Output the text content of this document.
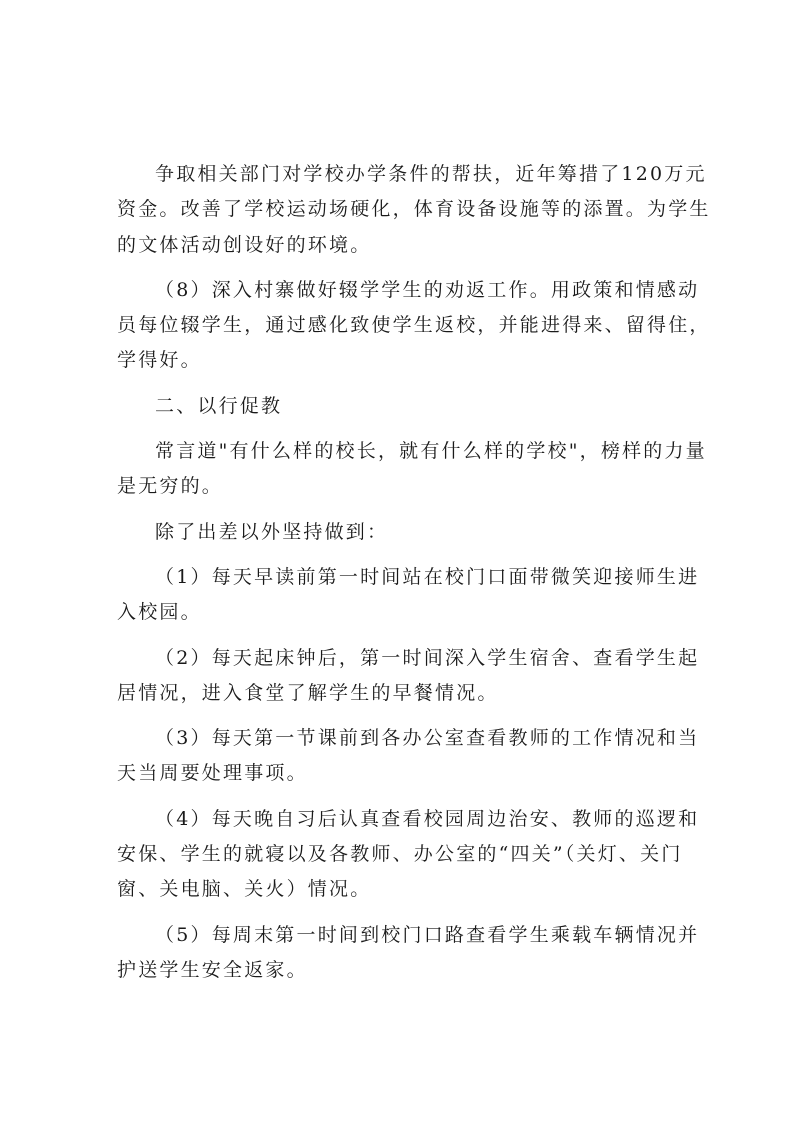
争取相关部门对学校办学条件的帮扶，近年筹措了120万元资金。改善了学校运动场硬化，体育设备设施等的添置。为学生的文体活动创设好的环境。

（8）深入村寨做好辍学学生的劝返工作。用政策和情感动员每位辍学生，通过感化致使学生返校，并能进得来、留得住，学得好。

二、以行促教

常言道"有什么样的校长，就有什么样的学校"，榜样的力量是无穷的。

除了出差以外坚持做到：

（1）每天早读前第一时间站在校门口面带微笑迎接师生进入校园。

（2）每天起床钟后，第一时间深入学生宿舍、查看学生起居情况，进入食堂了解学生的早餐情况。

（3）每天第一节课前到各办公室查看教师的工作情况和当天当周要处理事项。

（4）每天晚自习后认真查看校园周边治安、教师的巡逻和安保、学生的就寝以及各教师、办公室的“四关”（关灯、关门窗、关电脑、关火）情况。

（5）每周末第一时间到校门口路查看学生乘载车辆情况并护送学生安全返家。
